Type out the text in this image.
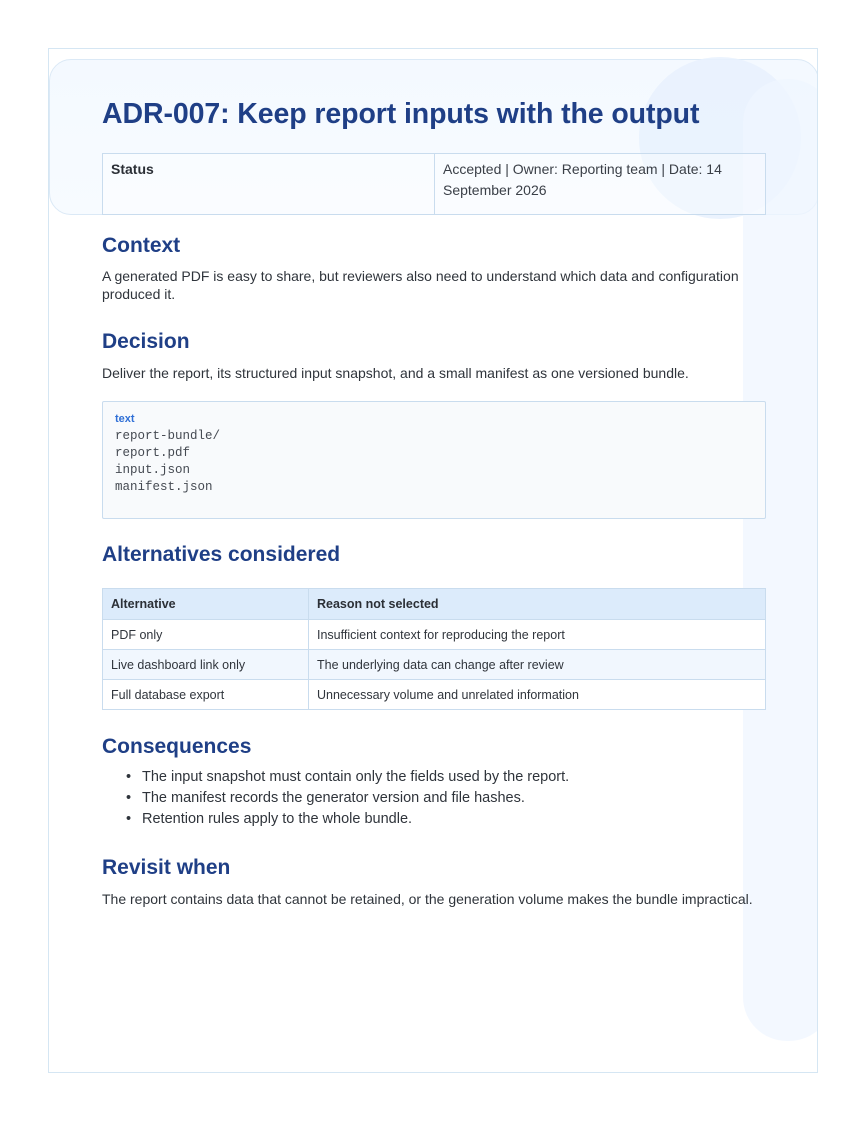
ADR-007: Keep report inputs with the output
Status	Accepted | Owner: Reporting team | Date: 14 September 2026
Context

A generated PDF is easy to share, but reviewers also need to understand which data and configuration produced it.

Decision

Deliver the report, its structured input snapshot, and a small manifest as one versioned bundle.

text
report-bundle/
report.pdf
input.json
manifest.json
Alternatives considered
Alternative	Reason not selected
PDF only	Insufficient context for reproducing the report
Live dashboard link only	The underlying data can change after review
Full database export	Unnecessary volume and unrelated information
Consequences
• The input snapshot must contain only the fields used by the report.
• The manifest records the generator version and file hashes.
• Retention rules apply to the whole bundle.
Revisit when

The report contains data that cannot be retained, or the generation volume makes the bundle impractical.
